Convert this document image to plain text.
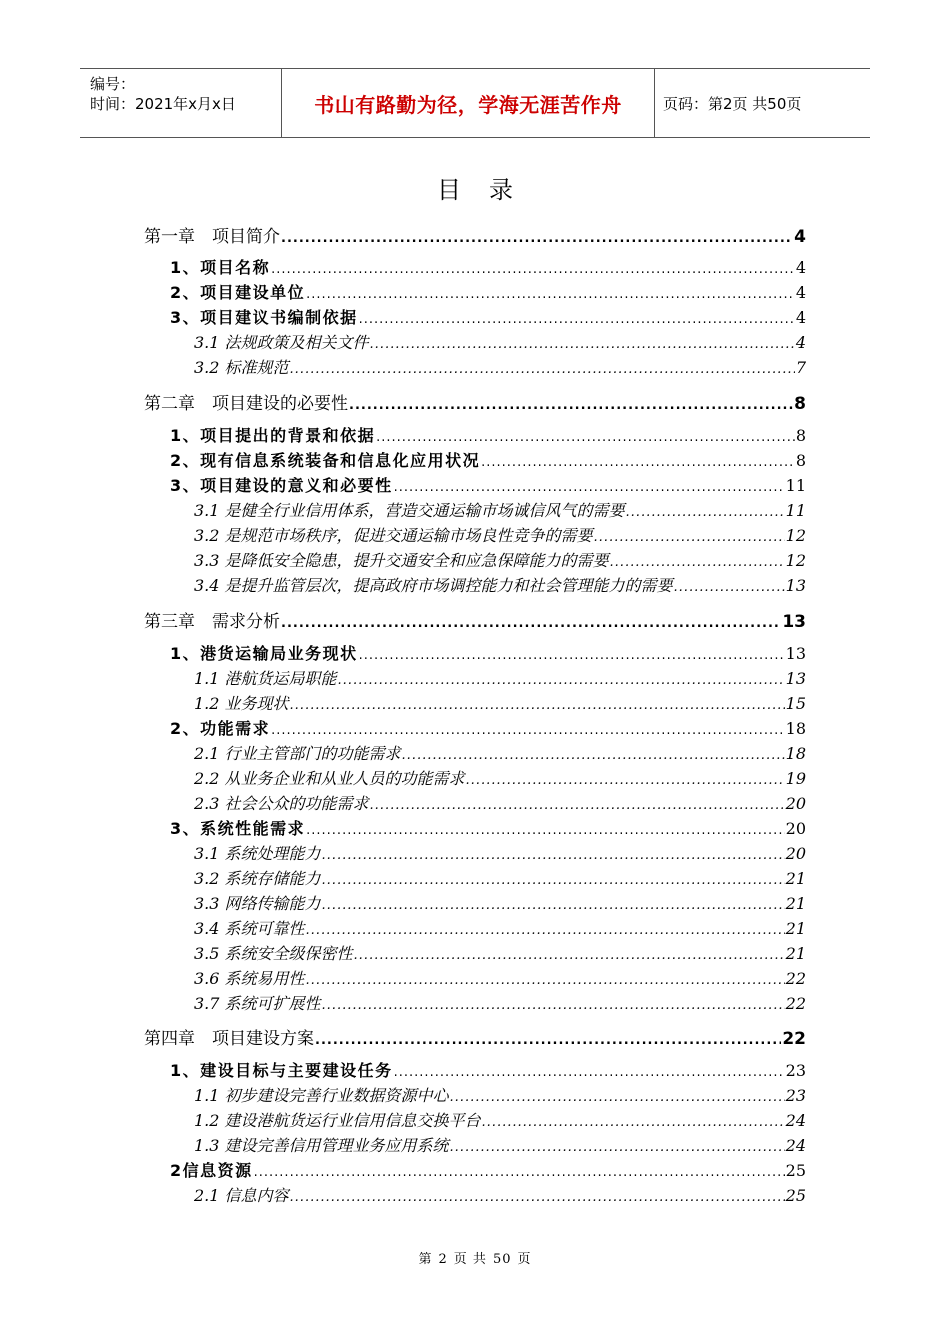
编号：
时间：2021年x月x日	书山有路勤为径，学海无涯苦作舟	页码：第2页 共50页
目录
第一章　项目简介 .....	4
1、项目名称 .....	4
2、项目建设单位 .....	4
3、项目建议书编制依据 .....	4
3.1 法规政策及相关文件 .....	4
3.2 标准规范 .....	7
第二章　项目建设的必要性 .....	8
1、项目提出的背景和依据 .....	8
2、现有信息系统装备和信息化应用状况 .....	8
3、项目建设的意义和必要性 .....	11
3.1 是健全行业信用体系，营造交通运输市场诚信风气的需要 .....	11
3.2 是规范市场秩序，促进交通运输市场良性竞争的需要 .....	12
3.3 是降低安全隐患，提升交通安全和应急保障能力的需要 .....	12
3.4 是提升监管层次，提高政府市场调控能力和社会管理能力的需要 .....	13
第三章　需求分析 .....	13
1、港货运输局业务现状 .....	13
1.1 港航货运局职能 .....	13
1.2 业务现状 .....	15
2、功能需求 .....	18
2.1 行业主管部门的功能需求 .....	18
2.2 从业务企业和从业人员的功能需求 .....	19
2.3 社会公众的功能需求 .....	20
3、系统性能需求 .....	20
3.1 系统处理能力 .....	20
3.2 系统存储能力 .....	21
3.3 网络传输能力 .....	21
3.4 系统可靠性 .....	21
3.5 系统安全级保密性 .....	21
3.6 系统易用性 .....	22
3.7 系统可扩展性 .....	22
第四章　项目建设方案 .....	22
1、建设目标与主要建设任务 .....	23
1.1 初步建设完善行业数据资源中心 .....	23
1.2 建设港航货运行业信用信息交换平台 .....	24
1.3 建设完善信用管理业务应用系统 .....	24
2信息资源 .....	25
2.1 信息内容 .....	25
第 2 页 共 50 页
